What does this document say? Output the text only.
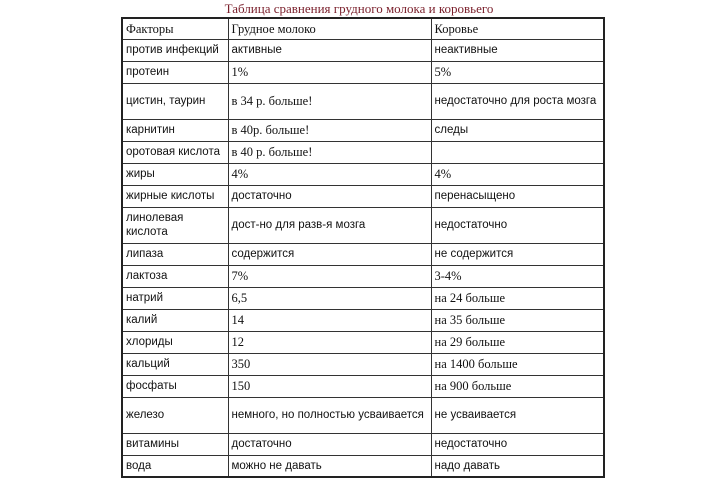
Таблица сравнения грудного молока и коровьего
Факторы	Грудное молоко	Коровье
против инфекций	активные	неактивные
протеин	1%	5%
цистин, таурин	в 34 р. больше!	недостаточно для роста мозга
карнитин	в 40р. больше!	следы
оротовая кислота	в 40 р. больше!	
жиры	4%	4%
жирные кислоты	достаточно	перенасыщено
линолевая кислота	дост-но для разв-я мозга	недостаточно
липаза	содержится	не содержится
лактоза	7%	3-4%
натрий	6,5	на 24 больше
калий	14	на 35 больше
хлориды	12	на 29 больше
кальций	350	на 1400 больше
фосфаты	150	на 900 больше
железо	немного, но полностью усваивается	не усваивается
витамины	достаточно	недостаточно
вода	можно не давать	надо давать
